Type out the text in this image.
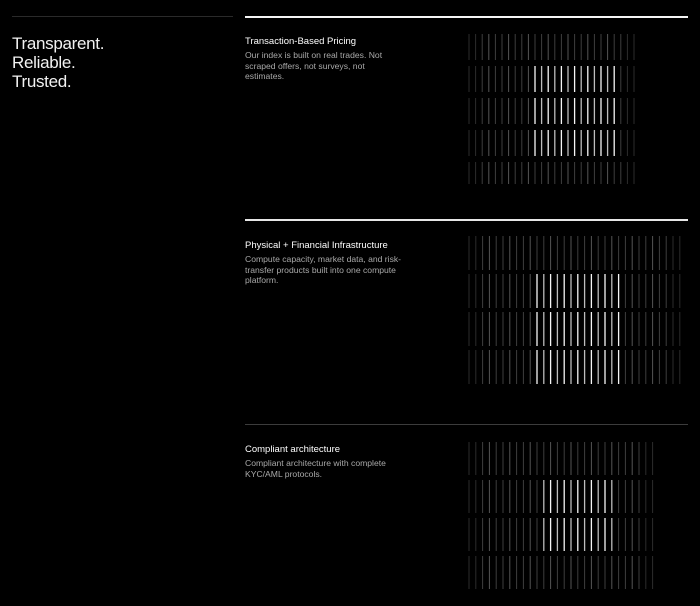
Transparent.
Reliable.
Trusted.
Transaction-Based Pricing
Our index is built on real trades. Not scraped offers, not surveys, not estimates.
Physical + Financial Infrastructure
Compute capacity, market data, and risk-transfer products built into one compute platform.
Compliant architecture
Compliant architecture with complete KYC/AML protocols.
